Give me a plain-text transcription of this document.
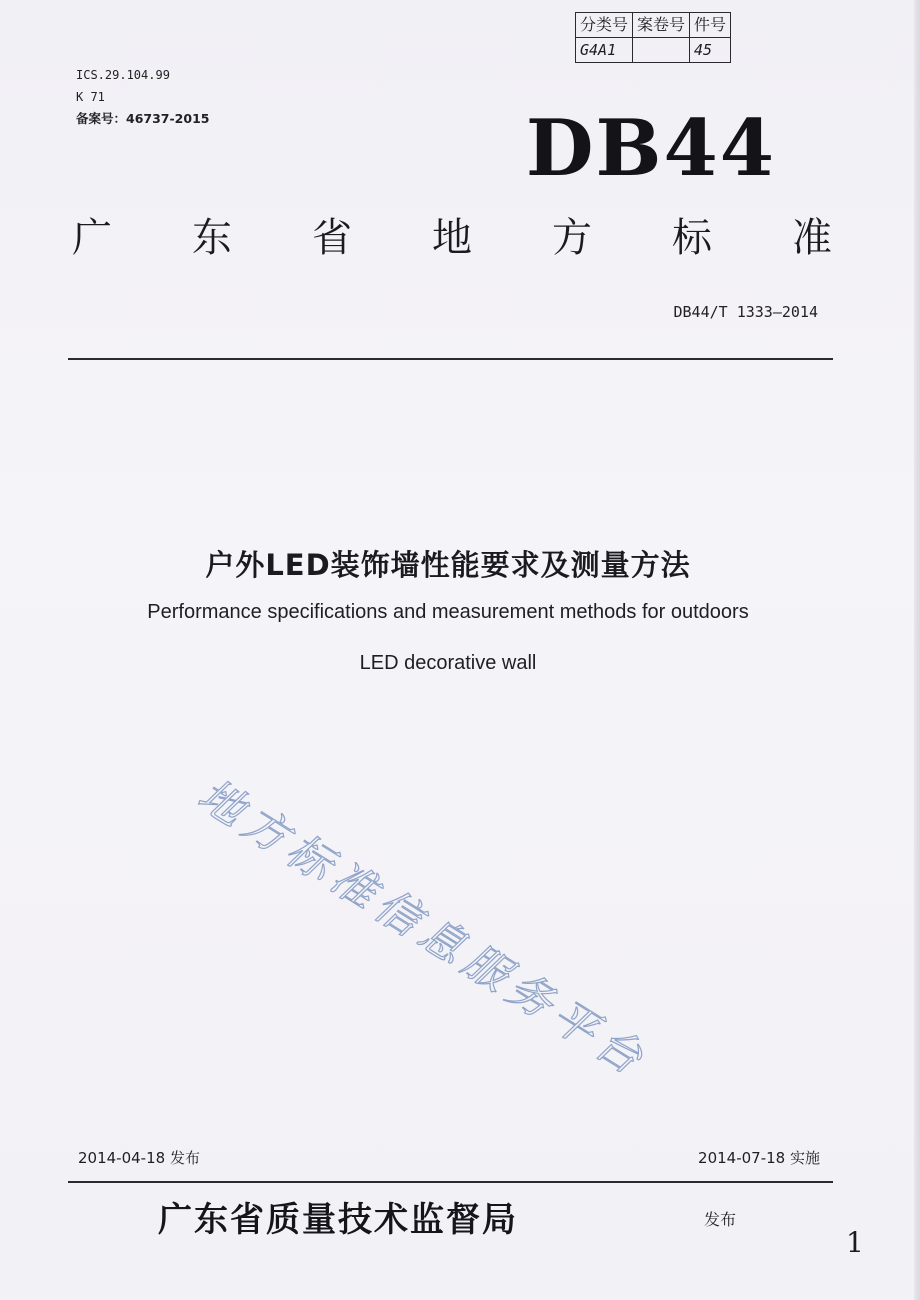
分类号	案卷号	件号
G4A1		45
ICS.29.104.99
K 71
备案号：46737-2015	DB44
广 东 省 地 方 标 准
DB44/T 1333—2014
户外LED装饰墙性能要求及测量方法
Performance specifications and measurement methods for outdoors
LED decorative wall
地方标准信息服务平台
2014-04-18 发布	2014-07-18 实施
广东省质量技术监督局	发布
1
